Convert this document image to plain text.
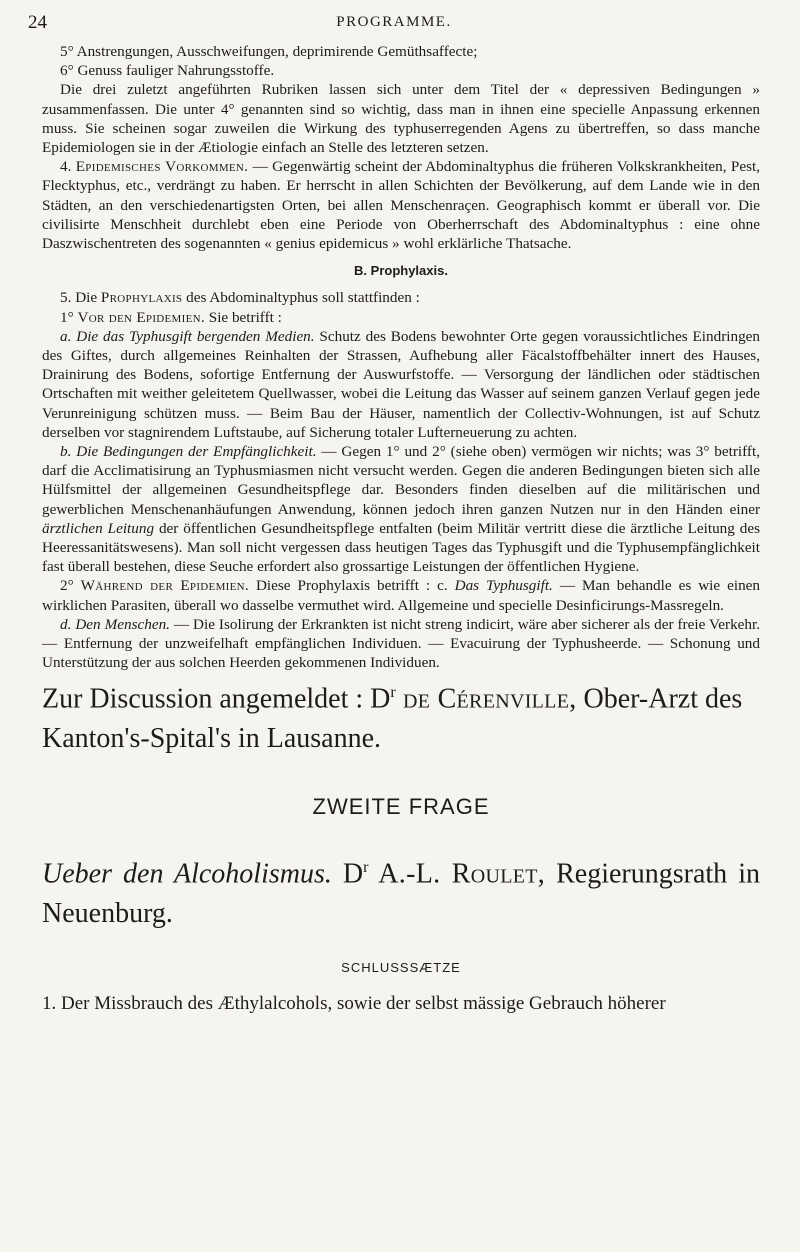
24	PROGRAMME.

5° Anstrengungen, Ausschweifungen, deprimirende Gemüthsaffecte;

6° Genuss fauliger Nahrungsstoffe.

Die drei zuletzt angeführten Rubriken lassen sich unter dem Titel der « depressiven Bedingungen » zusammenfassen. Die unter 4° genannten sind so wichtig, dass man in ihnen eine specielle Anpassung erkennen muss. Sie scheinen sogar zuweilen die Wirkung des typhuserregenden Agens zu übertreffen, so dass manche Epidemiologen sie in der Ætiologie einfach an Stelle des letzteren setzen.

4. Epidemisches Vorkommen. — Gegenwärtig scheint der Abdominaltyphus die früheren Volkskrankheiten, Pest, Flecktyphus, etc., verdrängt zu haben. Er herrscht in allen Schichten der Bevölkerung, auf dem Lande wie in den Städten, an den verschiedenartigsten Orten, bei allen Menschenraçen. Geographisch kommt er überall vor. Die civilisirte Menschheit durchlebt eben eine Periode von Oberherrschaft des Abdominaltyphus : eine ohne Daszwischentreten des sogenannten « genius epidemicus » wohl erklärliche Thatsache.

B. Prophylaxis.

5. Die Prophylaxis des Abdominaltyphus soll stattfinden :

1° Vor den Epidemien. Sie betrifft :

a. Die das Typhusgift bergenden Medien. Schutz des Bodens bewohnter Orte gegen voraussichtliches Eindringen des Giftes, durch allgemeines Reinhalten der Strassen, Aufhebung aller Fäcalstoffbehälter innert des Hauses, Drainirung des Bodens, sofortige Entfernung der Auswurfstoffe. — Versorgung der ländlichen oder städtischen Ortschaften mit weither geleitetem Quellwasser, wobei die Leitung das Wasser auf seinem ganzen Verlauf gegen jede Verunreinigung schützen muss. — Beim Bau der Häuser, namentlich der Collectiv-Wohnungen, ist auf Schutz derselben vor stagnirendem Luftstaube, auf Sicherung totaler Lufterneuerung zu achten.

b. Die Bedingungen der Empfänglichkeit. — Gegen 1° und 2° (siehe oben) vermögen wir nichts; was 3° betrifft, darf die Acclimatisirung an Typhusmiasmen nicht versucht werden. Gegen die anderen Bedingungen bieten sich alle Hülfsmittel der allgemeinen Gesundheitspflege dar. Besonders finden dieselben auf die militärischen und gewerblichen Menschenanhäufungen Anwendung, können jedoch ihren ganzen Nutzen nur in den Händen einer ärztlichen Leitung der öffentlichen Gesundheitspflege entfalten (beim Militär vertritt diese die ärztliche Leitung des Heeressanitätswesens). Man soll nicht vergessen dass heutigen Tages das Typhusgift und die Typhusempfänglichkeit fast überall bestehen, diese Seuche erfordert also grossartige Leistungen der öffentlichen Hygiene.

2° Während der Epidemien. Diese Prophylaxis betrifft : c. Das Typhusgift. — Man behandle es wie einen wirklichen Parasiten, überall wo dasselbe vermuthet wird. Allgemeine und specielle Desinficirungs-Massregeln.

d. Den Menschen. — Die Isolirung der Erkrankten ist nicht streng indicirt, wäre aber sicherer als der freie Verkehr. — Entfernung der unzweifelhaft empfänglichen Individuen. — Evacuirung der Typhusheerde. — Schonung und Unterstützung der aus solchen Heerden gekommenen Individuen.

Zur Discussion angemeldet : $D^r$ de Cérenville, Ober-Arzt des Kanton's-Spital's in Lausanne.

ZWEITE FRAGE

Ueber den Alcoholismus. $D^r$ A.-L. Roulet, Regierungsrath in Neuenburg.

SCHLUSSSÆTZE

1. Der Missbrauch des Æthylalcohols, sowie der selbst mässige Gebrauch höherer
